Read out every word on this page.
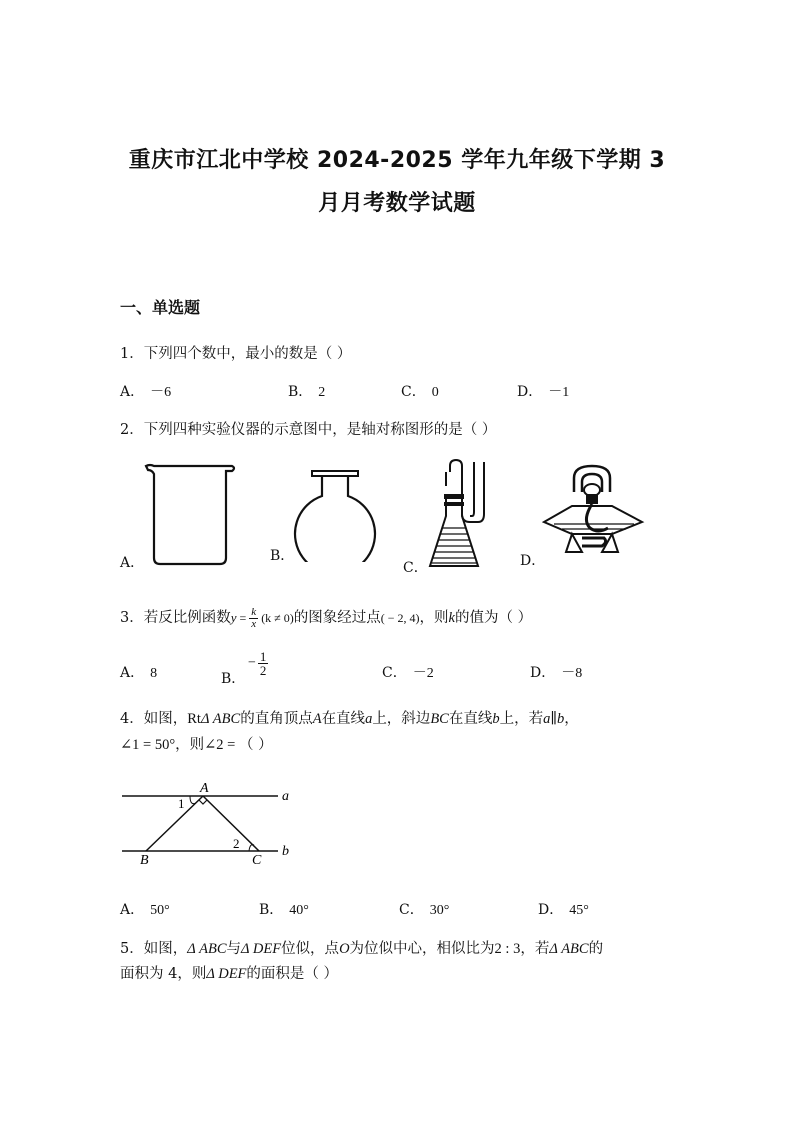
重庆市江北中学校 2024-2025 学年九年级下学期 3
月月考数学试题
一、单选题
1．下列四个数中，最小的数是（ ）
A． －6	B． 2	C． 0	D． －1
2．下列四种实验仪器的示意图中，是轴对称图形的是（ ）
A．	B．
C．	D．
3．若反比例函数$y = \frac{k}{x} (k \ne 0)$的图象经过点( − 2, 4)，则k的值为（ ）
A． 8	B．
− $\frac{1}{2}$	C． －2	D． －8
4．如图，RtΔ ABC的直角顶点A在直线a上，斜边BC在直线b上，若a∥b，
∠1 = 50°，则∠2 = （ ）
A
1
2
B	C
a
b
A． 50°	B． 40°	C． 30°	D． 45°
5．如图，Δ ABC与Δ DEF位似，点O为位似中心，相似比为2 : 3，若Δ ABC的
面积为 4，则Δ DEF的面积是（ ）
